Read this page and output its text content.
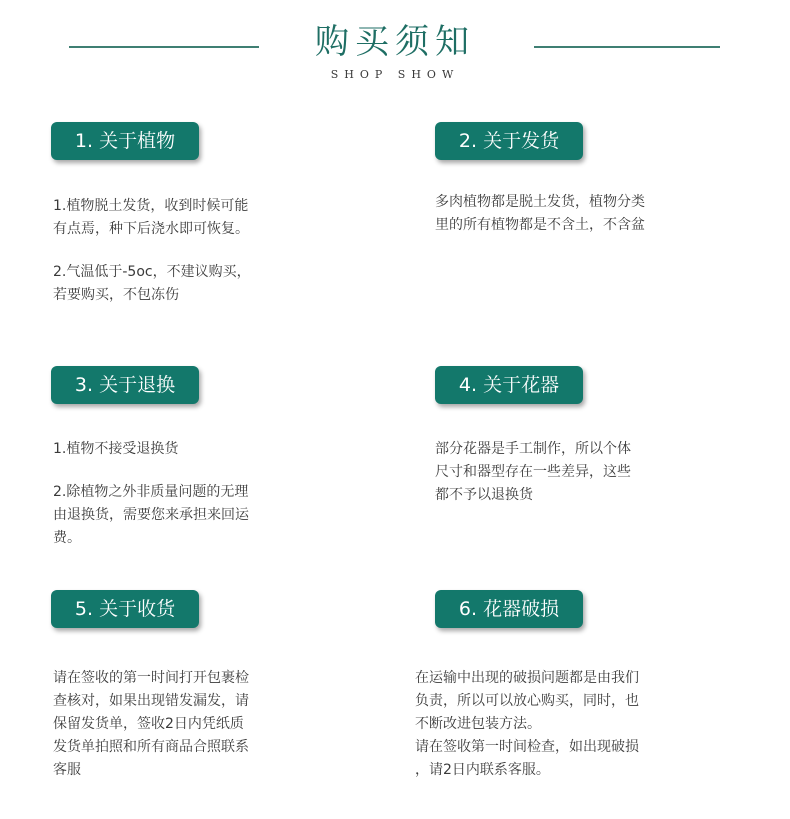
购买须知
SHOP SHOW
1. 关于植物

1.植物脱土发货，收到时候可能
有点焉，种下后浇水即可恢复。

2.气温低于-5oc，不建议购买，
若要购买，不包冻伤

2. 关于发货

多肉植物都是脱土发货，植物分类
里的所有植物都是不含土，不含盆

3. 关于退换

1.植物不接受退换货

2.除植物之外非质量问题的无理
由退换货，需要您来承担来回运
费。

4. 关于花器

部分花器是手工制作，所以个体
尺寸和器型存在一些差异，这些
都不予以退换货

5. 关于收货

请在签收的第一时间打开包裹检
查核对，如果出现错发漏发，请
保留发货单，签收2日内凭纸质
发货单拍照和所有商品合照联系
客服

6. 花器破损

在运输中出现的破损问题都是由我们
负责，所以可以放心购买，同时，也
不断改进包装方法。

请在签收第一时间检查，如出现破损
，请2日内联系客服。
